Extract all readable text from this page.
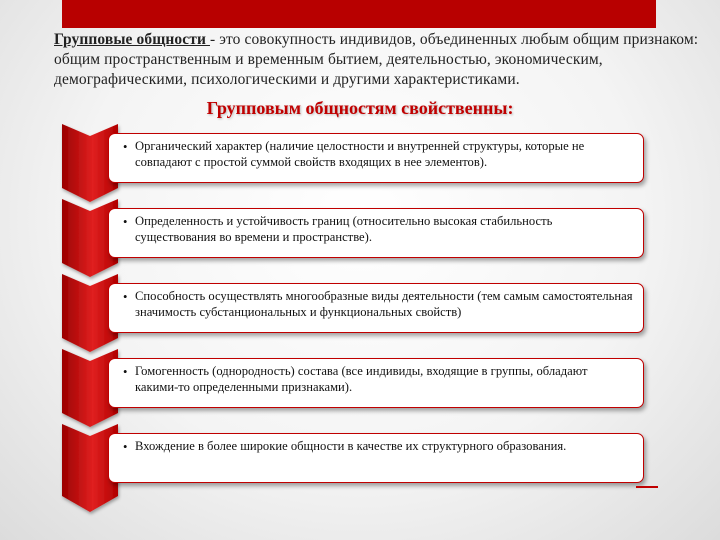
Групповые общности - это совокупность индивидов, объединенных любым общим признаком: общим пространственным и временным бытием, деятельностью, экономическим, демографическими, психологическими и другими характеристиками.
Групповым общностям свойственны:
• Органический характер (наличие целостности и внутренней структуры, которые не совпадают с простой суммой свойств входящих в нее элементов).
• Определенность и устойчивость границ (относительно высокая стабильность существования во времени и пространстве).
• Способность осуществлять многообразные виды деятельности (тем самым самостоятельная значимость субстанциональных и функциональных свойств)
• Гомогенность (однородность) состава (все индивиды, входящие в группы, обладают какими-то определенными признаками).
• Вхождение в более широкие общности в качестве их структурного образования.
